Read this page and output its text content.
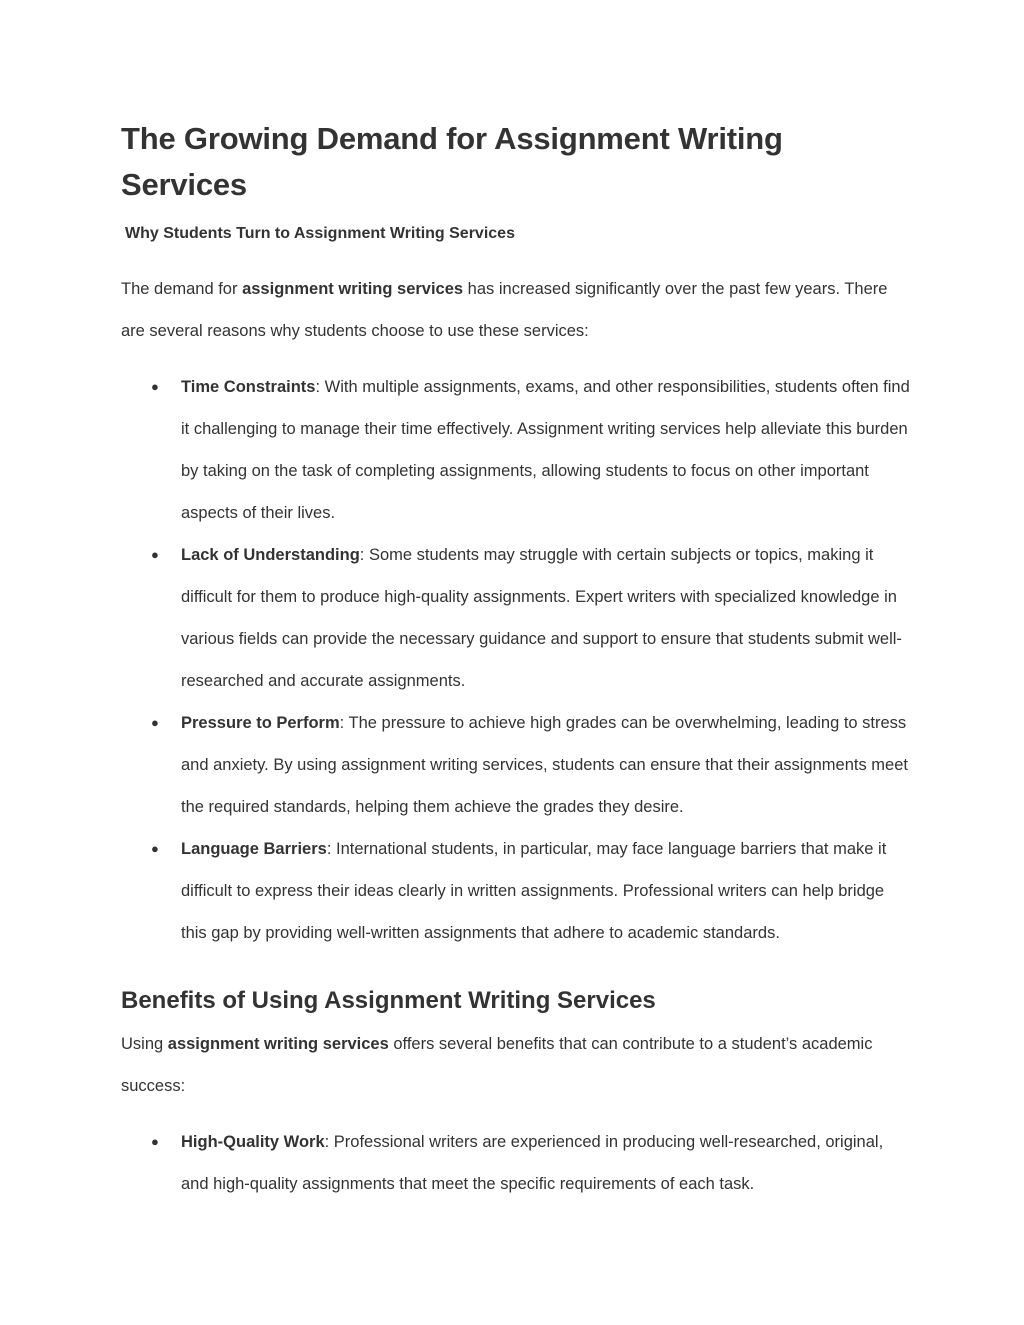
The Growing Demand for Assignment Writing Services
Why Students Turn to Assignment Writing Services

The demand for assignment writing services has increased significantly over the past few years. There are several reasons why students choose to use these services:

● Time Constraints: With multiple assignments, exams, and other responsibilities, students often find it challenging to manage their time effectively. Assignment writing services help alleviate this burden by taking on the task of completing assignments, allowing students to focus on other important aspects of their lives.
● Lack of Understanding: Some students may struggle with certain subjects or topics, making it difficult for them to produce high-quality assignments. Expert writers with specialized knowledge in various fields can provide the necessary guidance and support to ensure that students submit well-researched and accurate assignments.
● Pressure to Perform: The pressure to achieve high grades can be overwhelming, leading to stress and anxiety. By using assignment writing services, students can ensure that their assignments meet the required standards, helping them achieve the grades they desire.
● Language Barriers: International students, in particular, may face language barriers that make it difficult to express their ideas clearly in written assignments. Professional writers can help bridge this gap by providing well-written assignments that adhere to academic standards.
Benefits of Using Assignment Writing Services

Using assignment writing services offers several benefits that can contribute to a student’s academic success:

● High-Quality Work: Professional writers are experienced in producing well-researched, original, and high-quality assignments that meet the specific requirements of each task.
